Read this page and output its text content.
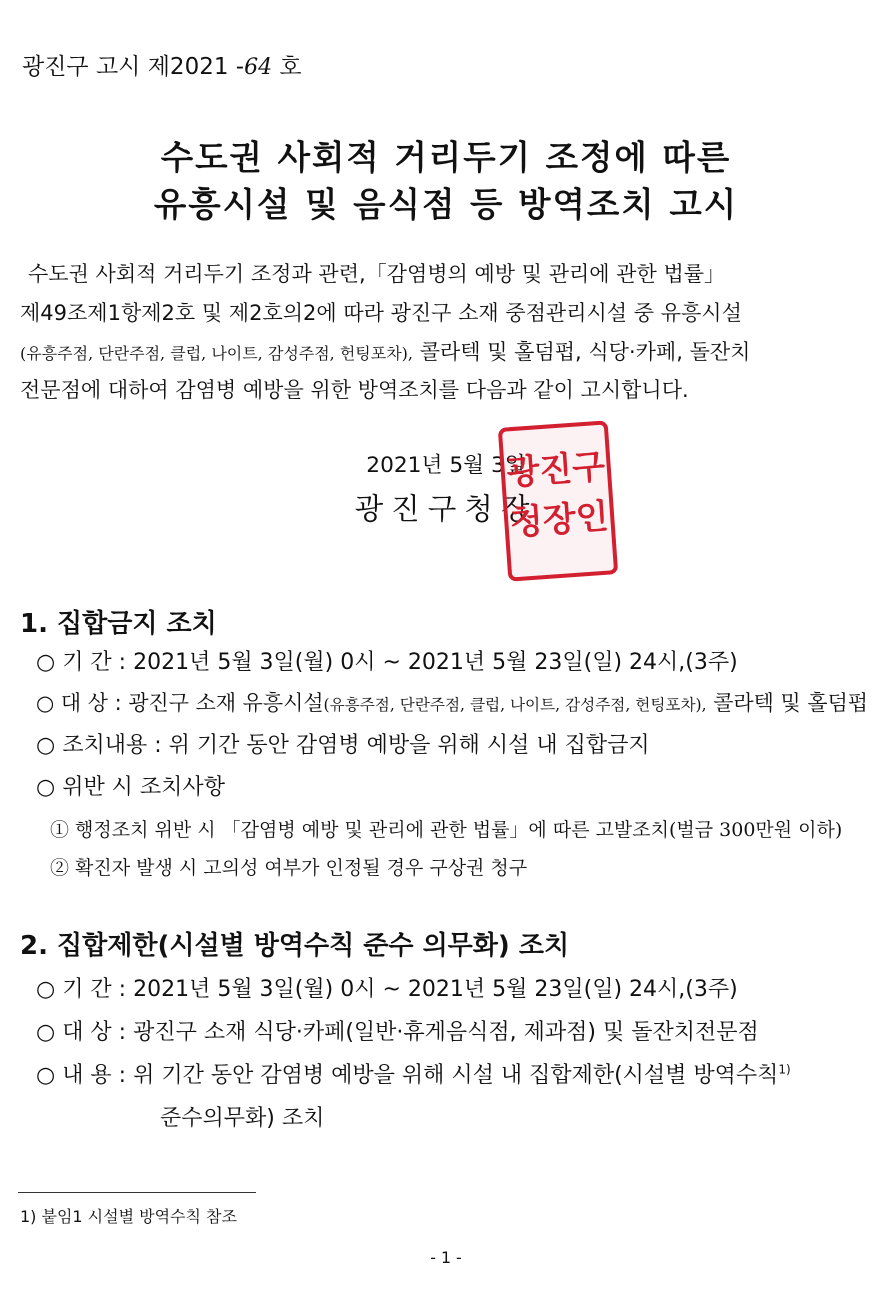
광진구 고시 제2021 -64 호
수도권 사회적 거리두기 조정에 따른
유흥시설 및 음식점 등 방역조치 고시
수도권 사회적 거리두기 조정과 관련,「감염병의 예방 및 관리에 관한 법률」
제49조제1항제2호 및 제2호의2에 따라 광진구 소재 중점관리시설 중 유흥시설
(유흥주점, 단란주점, 클럽, 나이트, 감성주점, 헌팅포차), 콜라텍 및 홀덤펍, 식당·카페, 돌잔치
전문점에 대하여 감염병 예방을 위한 방역조치를 다음과 같이 고시합니다.
2021년 5월 3일
광진구청장
광진구
청장인
1. 집합금지 조치
○ 기 간 : 2021년 5월 3일(월) 0시 ~ 2021년 5월 23일(일) 24시,(3주)
○ 대 상 : 광진구 소재 유흥시설(유흥주점, 단란주점, 클럽, 나이트, 감성주점, 헌팅포차), 콜라텍 및 홀덤펍
○ 조치내용 : 위 기간 동안 감염병 예방을 위해 시설 내 집합금지
○ 위반 시 조치사항
① 행정조치 위반 시 「감염병 예방 및 관리에 관한 법률」에 따른 고발조치(벌금 300만원 이하)
② 확진자 발생 시 고의성 여부가 인정될 경우 구상권 청구
2. 집합제한(시설별 방역수칙 준수 의무화) 조치
○ 기 간 : 2021년 5월 3일(월) 0시 ~ 2021년 5월 23일(일) 24시,(3주)
○ 대 상 : 광진구 소재 식당·카페(일반·휴게음식점, 제과점) 및 돌잔치전문점
○ 내 용 : 위 기간 동안 감염병 예방을 위해 시설 내 집합제한(시설별 방역수칙$^{1)}$
준수의무화) 조치
1) 붙임1 시설별 방역수칙 참조
- 1 -
